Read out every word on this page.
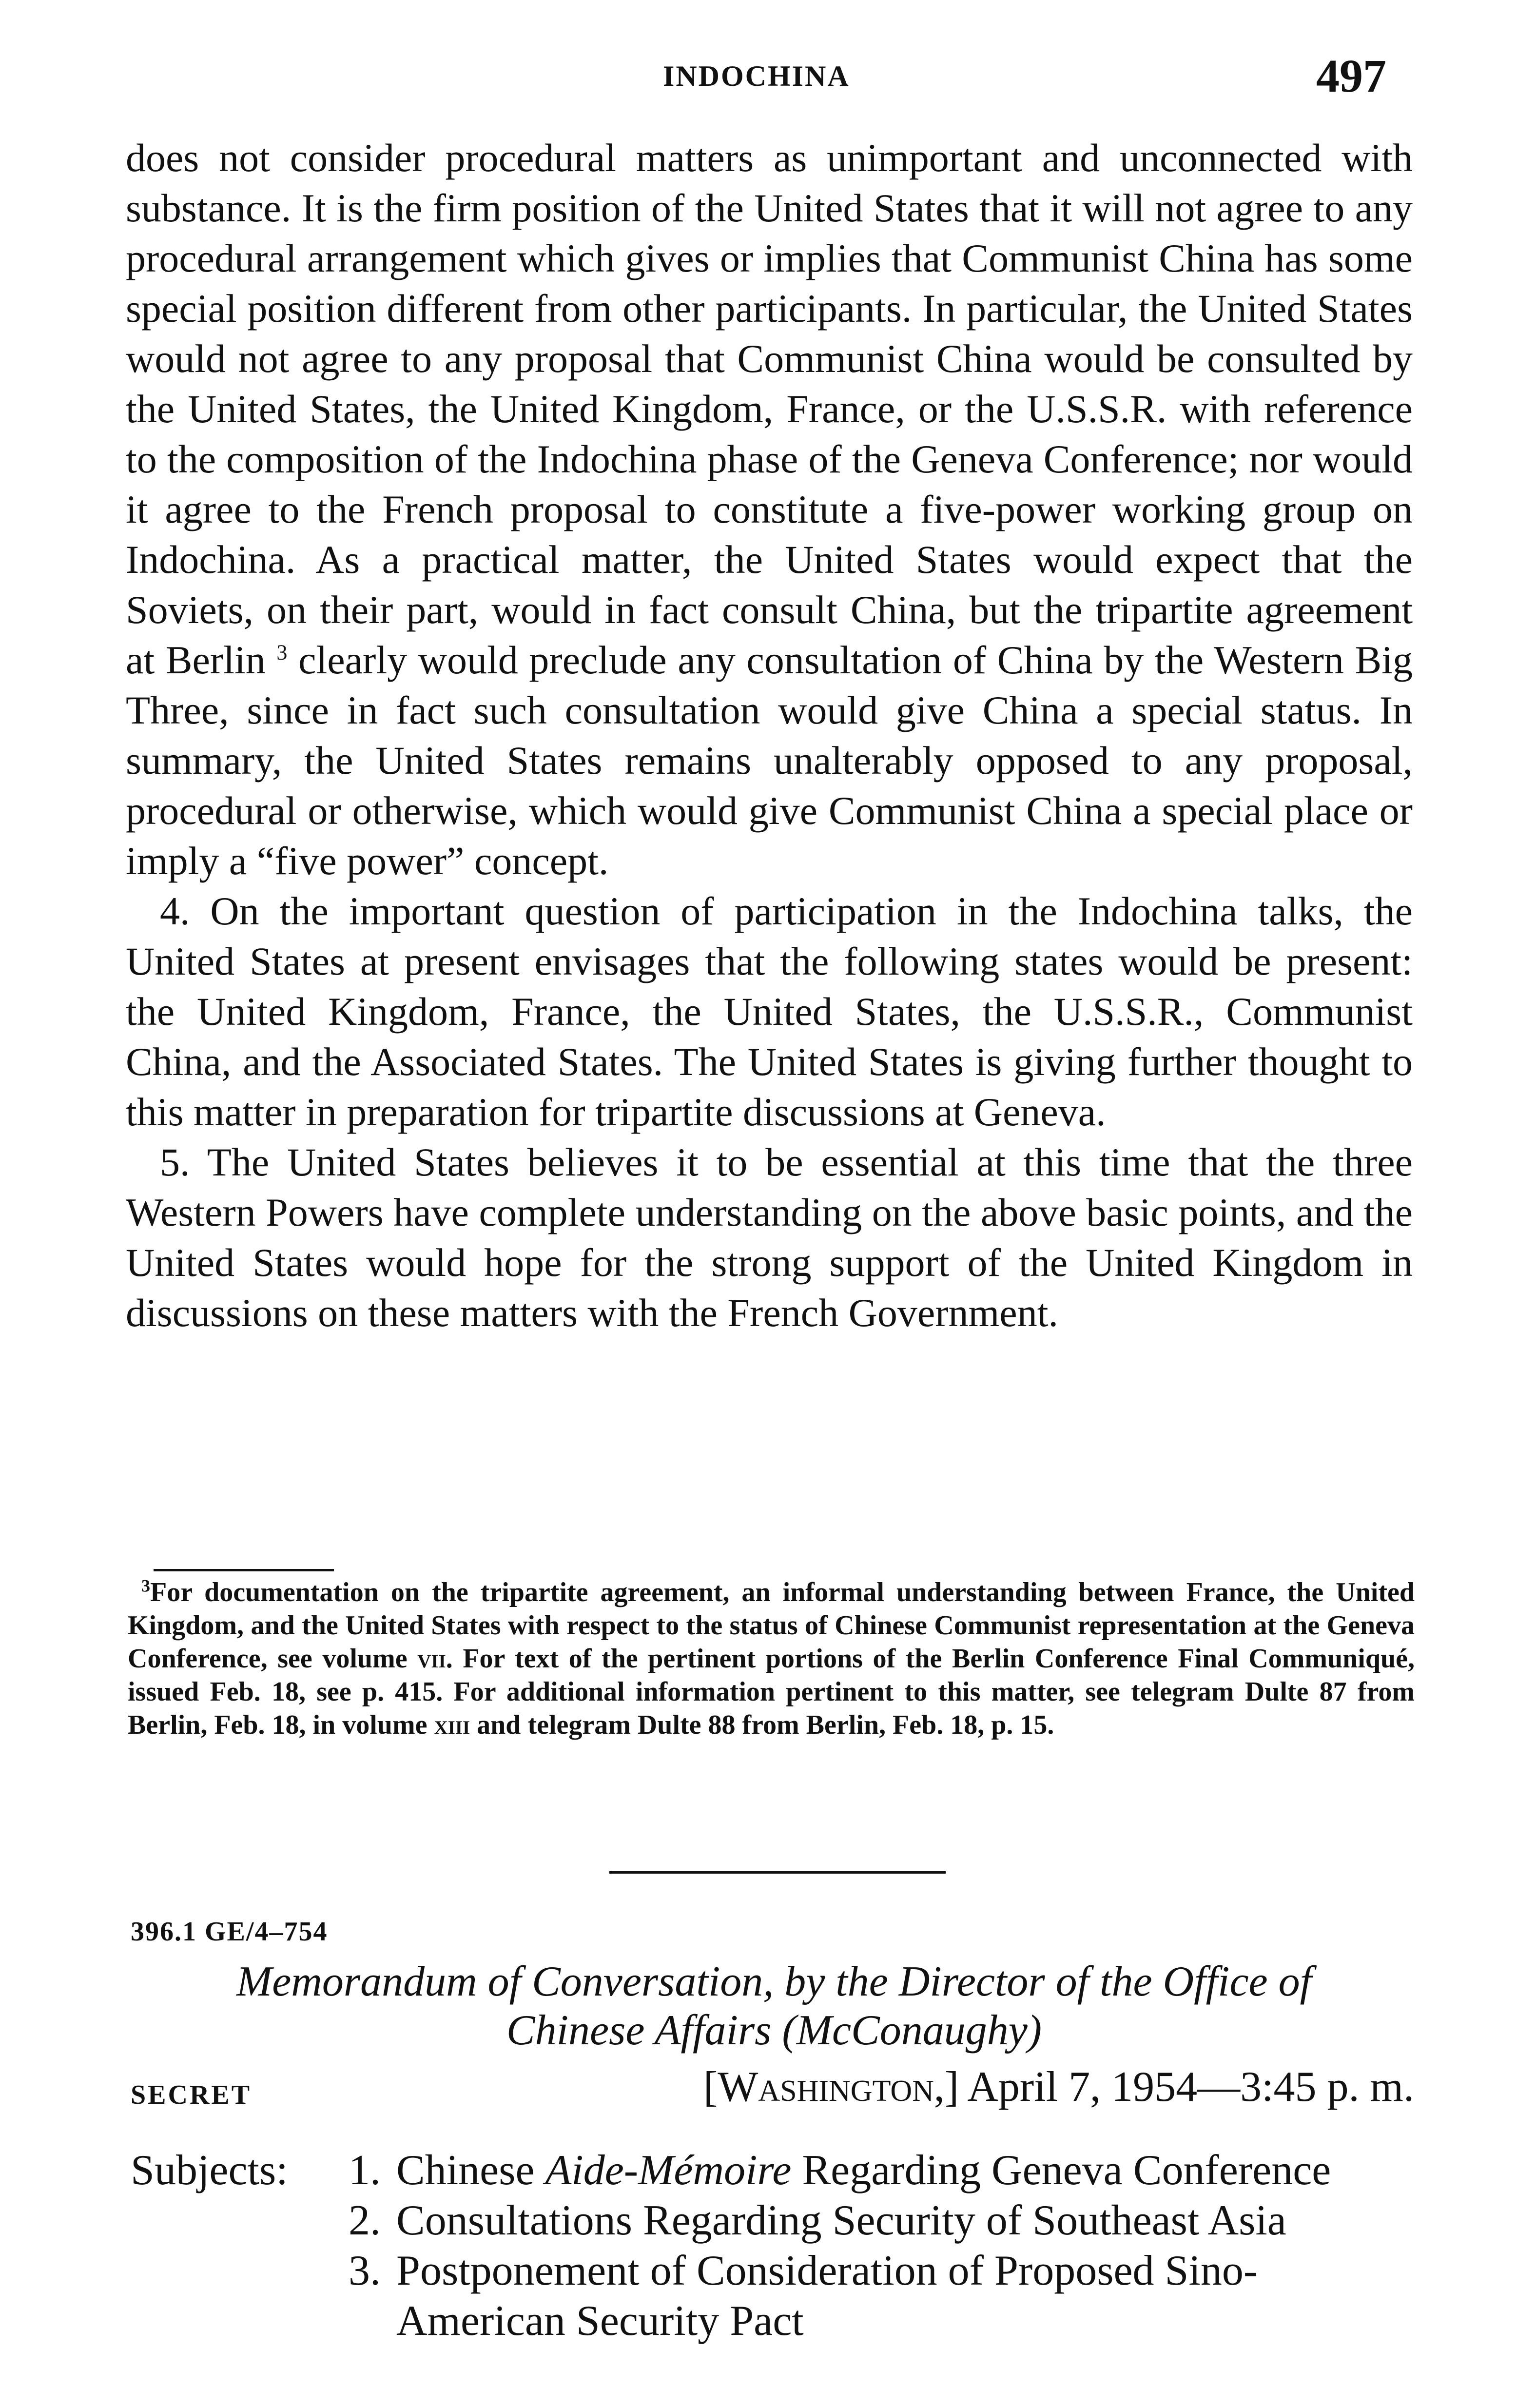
INDOCHINA	497

does not consider procedural matters as unimportant and unconnected with substance. It is the firm position of the United States that it will not agree to any procedural arrangement which gives or implies that Communist China has some special position different from other participants. In particular, the United States would not agree to any proposal that Communist China would be consulted by the United States, the United Kingdom, France, or the U.S.S.R. with reference to the composition of the Indochina phase of the Geneva Conference; nor would it agree to the French proposal to constitute a five-power working group on Indochina. As a practical matter, the United States would expect that the Soviets, on their part, would in fact consult China, but the tripartite agreement at Berlin $^3$ clearly would preclude any consultation of China by the Western Big Three, since in fact such consultation would give China a special status. In summary, the United States remains unalterably opposed to any proposal, procedural or otherwise, which would give Communist China a special place or imply a “five power” concept.

4. On the important question of participation in the Indochina talks, the United States at present envisages that the following states would be present: the United Kingdom, France, the United States, the U.S.S.R., Communist China, and the Associated States. The United States is giving further thought to this matter in preparation for tripartite discussions at Geneva.

5. The United States believes it to be essential at this time that the three Western Powers have complete understanding on the above basic points, and the United States would hope for the strong support of the United Kingdom in discussions on these matters with the French Government.

$^3$For documentation on the tripartite agreement, an informal understanding between France, the United Kingdom, and the United States with respect to the status of Chinese Communist representation at the Geneva Conference, see volume vii. For text of the pertinent portions of the Berlin Conference Final Communiqué, issued Feb. 18, see p. 415. For additional information pertinent to this matter, see telegram Dulte 87 from Berlin, Feb. 18, in volume xiii and telegram Dulte 88 from Berlin, Feb. 18, p. 15.

396.1 GE/4–754
Memorandum of Conversation, by the Director of the Office of
Chinese Affairs (McConaughy)
SECRET	[Washington,] April 7, 1954—3:45 p. m.
Subjects: 1. Chinese Aide-Mémoire Regarding Geneva Conference
2. Consultations Regarding Security of Southeast Asia
3. Postponement of Consideration of Proposed Sino-
American Security Pact
